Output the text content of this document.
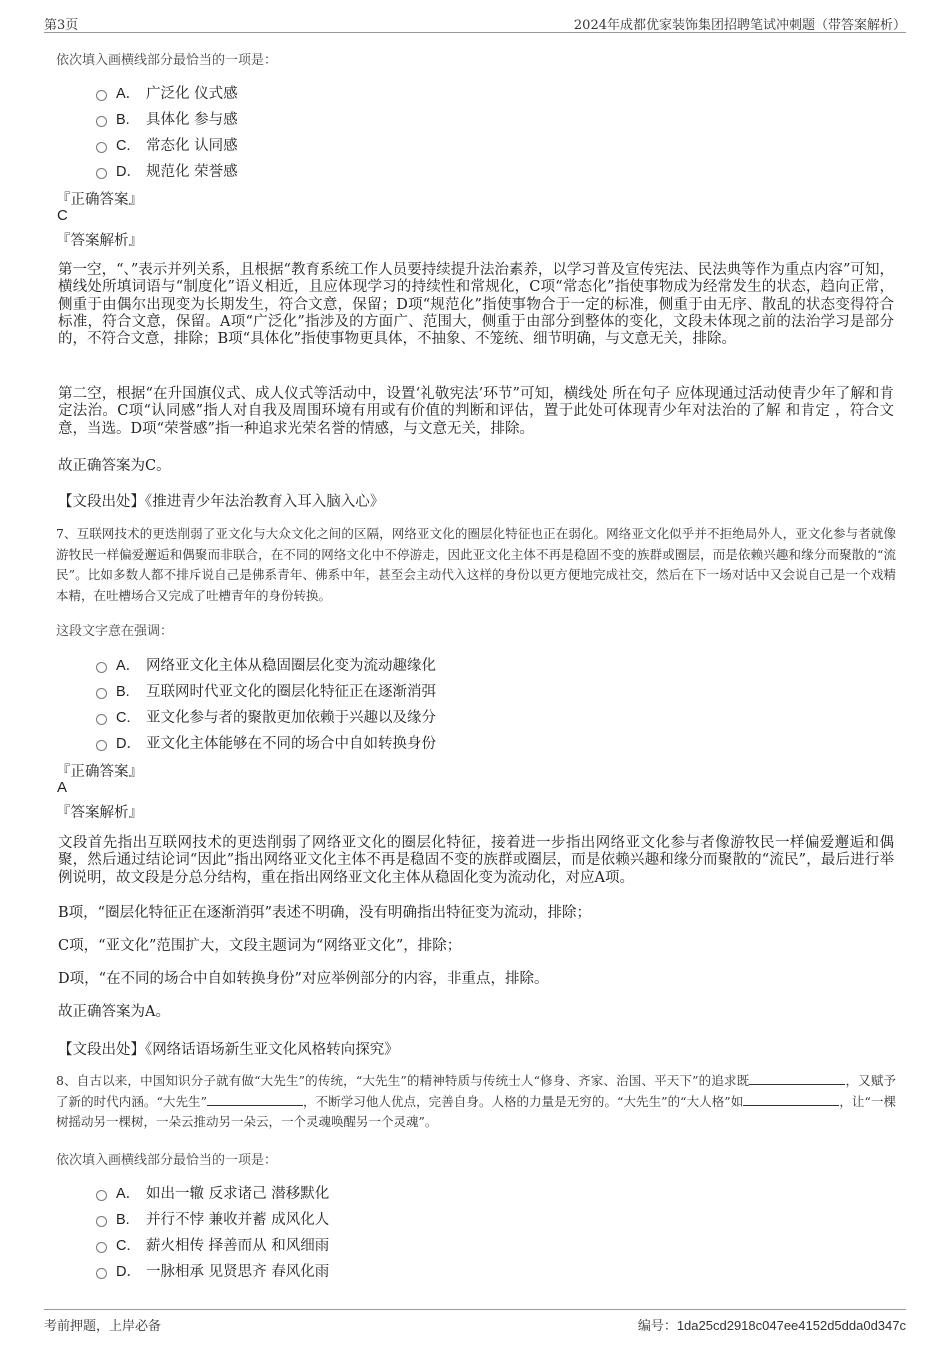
第3页	2024年成都优家装饰集团招聘笔试冲刺题（带答案解析）
依次填入画横线部分最恰当的一项是：
A． 广泛化 仪式感
B. 具体化 参与感
C. 常态化 认同感
D． 规范化 荣誉感
『正确答案』
C
『答案解析』

第一空，“、”表示并列关系，且根据“教育系统工作人员要持续提升法治素养，以学习普及宣传宪法、民法典等作为重点内容”可知，横线处所填词语与“制度化”语义相近，且应体现学习的持续性和常规化，C项“常态化”指使事物成为经常发生的状态，趋向正常，侧重于由偶尔出现变为长期发生，符合文意，保留；D项“规范化”指使事物合于一定的标准，侧重于由无序、散乱的状态变得符合标准，符合文意，保留。A项“广泛化”指涉及的方面广、范围大，侧重于由部分到整体的变化，文段未体现之前的法治学习是部分的，不符合文意，排除；B项“具体化”指使事物更具体，不抽象、不笼统、细节明确，与文意无关，排除。

第二空，根据“在升国旗仪式、成人仪式等活动中，设置‘礼敬宪法’环节”可知，横线处 所在句子 应体现通过活动使青少年了解和肯定法治。C项“认同感”指人对自我及周围环境有用或有价值的判断和评估，置于此处可体现青少年对法治的了解 和肯定 ，符合文意，当选。D项“荣誉感”指一种追求光荣名誉的情感，与文意无关，排除。

故正确答案为C。

【文段出处】《推进青少年法治教育入耳入脑入心》

7、互联网技术的更迭削弱了亚文化与大众文化之间的区隔，网络亚文化的圈层化特征也正在弱化。网络亚文化似乎并不拒绝局外人，亚文化参与者就像游牧民一样偏爱邂逅和偶聚而非联合，在不同的网络文化中不停游走，因此亚文化主体不再是稳固不变的族群或圈层，而是依赖兴趣和缘分而聚散的“流民”。比如多数人都不排斥说自己是佛系青年、佛系中年，甚至会主动代入这样的身份以更方便地完成社交，然后在下一场对话中又会说自己是一个戏精本精，在吐槽场合又完成了吐槽青年的身份转换。

这段文字意在强调：
A． 网络亚文化主体从稳固圈层化变为流动趣缘化
B. 互联网时代亚文化的圈层化特征正在逐渐消弭
C. 亚文化参与者的聚散更加依赖于兴趣以及缘分
D． 亚文化主体能够在不同的场合中自如转换身份
『正确答案』
A
『答案解析』

文段首先指出互联网技术的更迭削弱了网络亚文化的圈层化特征，接着进一步指出网络亚文化参与者像游牧民一样偏爱邂逅和偶聚，然后通过结论词“因此”指出网络亚文化主体不再是稳固不变的族群或圈层，而是依赖兴趣和缘分而聚散的“流民”，最后进行举例说明，故文段是分总分结构，重在指出网络亚文化主体从稳固化变为流动化，对应A项。

B项，“圈层化特征正在逐渐消弭”表述不明确，没有明确指出特征变为流动，排除；

C项，“亚文化”范围扩大，文段主题词为“网络亚文化”，排除；

D项，“在不同的场合中自如转换身份”对应举例部分的内容，非重点，排除。

故正确答案为A。

【文段出处】《网络话语场新生亚文化风格转向探究》

8、自古以来，中国知识分子就有做“大先生”的传统，“大先生”的精神特质与传统士人“修身、齐家、治国、平天下”的追求既	，又赋予了新的时代内涵。“大先生”	，不断学习他人优点，完善自身。人格的力量是无穷的。“大先生”的“大人格”如	，让“一棵树摇动另一棵树，一朵云推动另一朵云，一个灵魂唤醒另一个灵魂”。

依次填入画横线部分最恰当的一项是：
A． 如出一辙 反求诸己 潜移默化
B. 并行不悖 兼收并蓄 成风化人
C. 薪火相传 择善而从 和风细雨
D． 一脉相承 见贤思齐 春风化雨
考前押题，上岸必备	编号：1da25cd2918c047ee4152d5dda0d347c
